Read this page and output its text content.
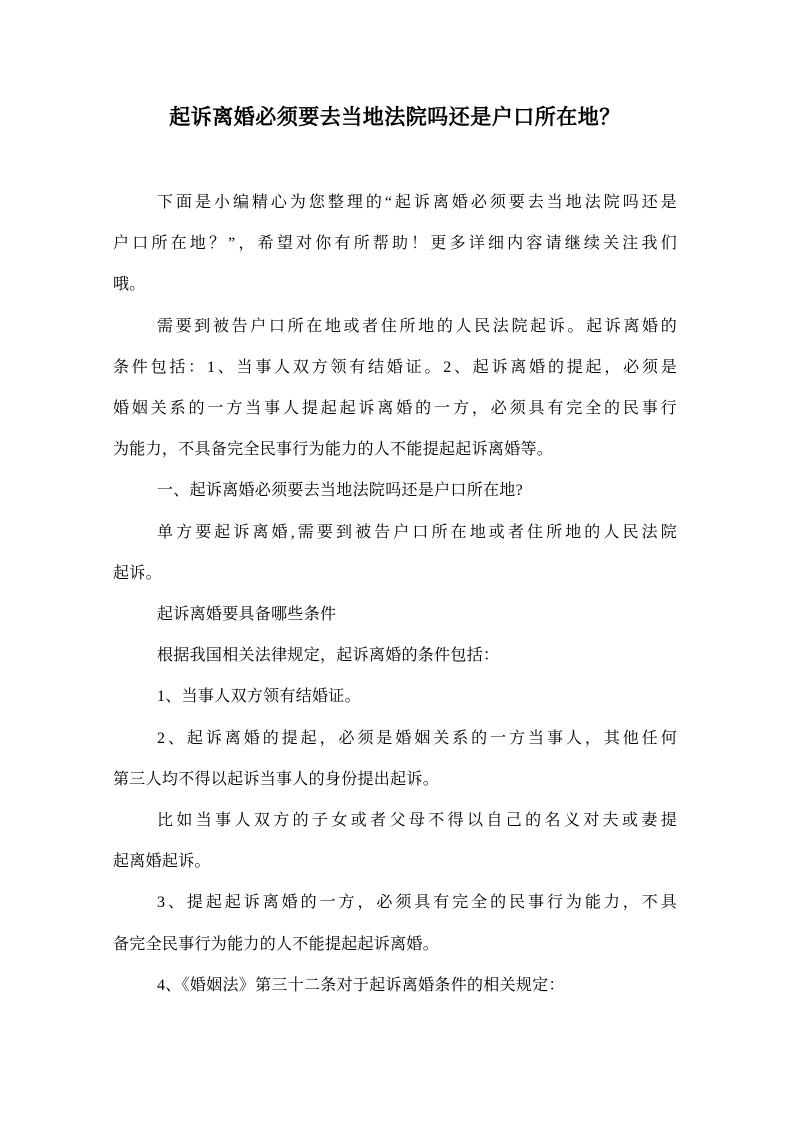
起诉离婚必须要去当地法院吗还是户口所在地？
下面是小编精心为您整理的“起诉离婚必须要去当地法院吗还是
户口所在地？”，希望对你有所帮助！更多详细内容请继续关注我们
哦。
需要到被告户口所在地或者住所地的人民法院起诉。起诉离婚的
条件包括：1、当事人双方领有结婚证。2、起诉离婚的提起，必须是
婚姻关系的一方当事人提起起诉离婚的一方，必须具有完全的民事行
为能力，不具备完全民事行为能力的人不能提起起诉离婚等。
一、起诉离婚必须要去当地法院吗还是户口所在地?
单方要起诉离婚,需要到被告户口所在地或者住所地的人民法院
起诉。
起诉离婚要具备哪些条件
根据我国相关法律规定，起诉离婚的条件包括：
1、当事人双方领有结婚证。
2、起诉离婚的提起，必须是婚姻关系的一方当事人，其他任何
第三人均不得以起诉当事人的身份提出起诉。
比如当事人双方的子女或者父母不得以自己的名义对夫或妻提
起离婚起诉。
3、提起起诉离婚的一方，必须具有完全的民事行为能力，不具
备完全民事行为能力的人不能提起起诉离婚。
4、《婚姻法》第三十二条对于起诉离婚条件的相关规定：
